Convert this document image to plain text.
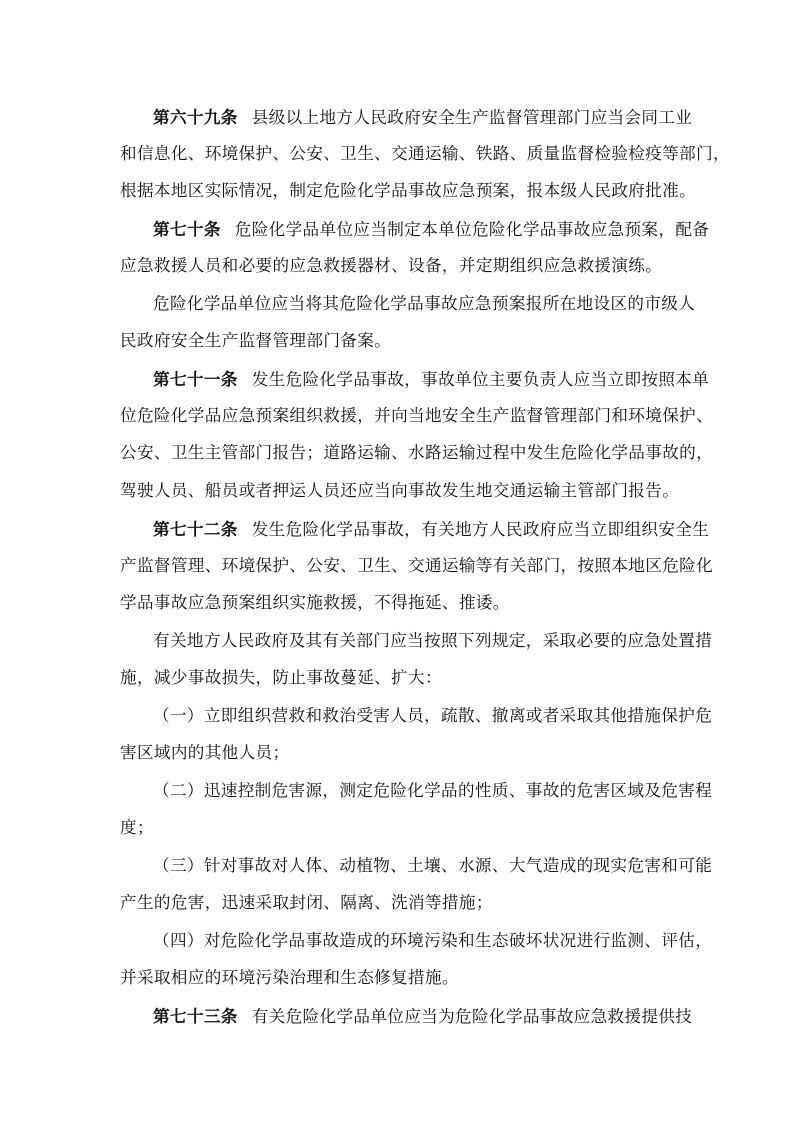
第六十九条 县级以上地方人民政府安全生产监督管理部门应当会同工业
和信息化、环境保护、公安、卫生、交通运输、铁路、质量监督检验检疫等部门，
根据本地区实际情况，制定危险化学品事故应急预案，报本级人民政府批准。
第七十条 危险化学品单位应当制定本单位危险化学品事故应急预案，配备
应急救援人员和必要的应急救援器材、设备，并定期组织应急救援演练。
危险化学品单位应当将其危险化学品事故应急预案报所在地设区的市级人
民政府安全生产监督管理部门备案。
第七十一条 发生危险化学品事故，事故单位主要负责人应当立即按照本单
位危险化学品应急预案组织救援，并向当地安全生产监督管理部门和环境保护、
公安、卫生主管部门报告；道路运输、水路运输过程中发生危险化学品事故的，
驾驶人员、船员或者押运人员还应当向事故发生地交通运输主管部门报告。
第七十二条 发生危险化学品事故，有关地方人民政府应当立即组织安全生
产监督管理、环境保护、公安、卫生、交通运输等有关部门，按照本地区危险化
学品事故应急预案组织实施救援，不得拖延、推诿。
有关地方人民政府及其有关部门应当按照下列规定，采取必要的应急处置措
施，减少事故损失，防止事故蔓延、扩大：
（一）立即组织营救和救治受害人员，疏散、撤离或者采取其他措施保护危
害区域内的其他人员；
（二）迅速控制危害源，测定危险化学品的性质、事故的危害区域及危害程
度；
（三）针对事故对人体、动植物、土壤、水源、大气造成的现实危害和可能
产生的危害，迅速采取封闭、隔离、洗消等措施；
（四）对危险化学品事故造成的环境污染和生态破坏状况进行监测、评估，
并采取相应的环境污染治理和生态修复措施。
第七十三条 有关危险化学品单位应当为危险化学品事故应急救援提供技
